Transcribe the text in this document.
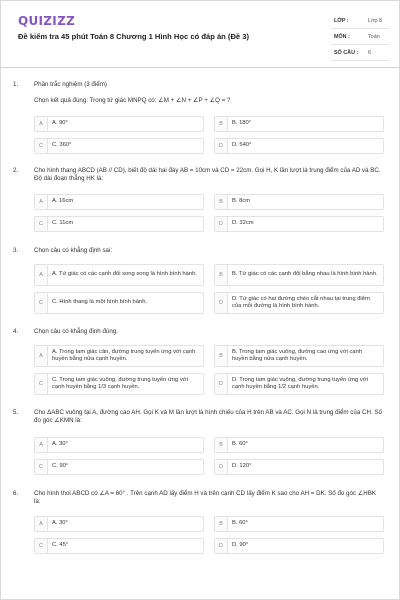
QUIZIZZ
Đề kiểm tra 45 phút Toán 8 Chương 1 Hình Học có đáp án (Đề 3)
LỚP :	Lớp 8
MÔN :	Toán
SỐ CÂU : 6
1.	Phần trắc nghiệm (3 điểm)
Chọn kết quả đúng: Trong tứ giác MNPQ có: ∠M + ∠N + ∠P + ∠Q = ?
A	A. 90°	B	B. 180°
C	C. 360°	D	D. 540°
2.	Cho hình thang ABCD (AB // CD), biết độ dài hai đáy AB = 10cm và CD = 22cm. Gọi H, K lần lượt là trung điểm của AD và BC. Độ dài đoạn thẳng HK là:
A	A. 16cm	B	B. 8cm
C	C. 11cm	D	D. 32cm
3.	Chọn câu có khẳng định sai:
A	A. Tứ giác có các cạnh đối song song là hình bình hành.	B	B. Tứ giác có các cạnh đối bằng nhau là hình bình hành.
C	C. Hình thang là một hình bình hành.	D
D. Tứ giác có hai đường chéo cắt nhau tại trung điểm của mỗi đường là hình bình hành.
4.	Chọn câu có khẳng định đúng.
A
A. Trong tam giác cân, đường trung tuyến ứng với cạnh huyền bằng nửa cạnh huyền.	B
B. Trong tam giác vuông, đường cao ứng với cạnh huyền bằng nửa cạnh huyền.
C
C. Trong tam giác vuông, đường trung tuyến ứng với cạnh huyền bằng 1/3 cạnh huyền.	D
D. Trong tam giác vuông, đường trung tuyến ứng với cạnh huyền bằng 1/2 cạnh huyền.
5.	Cho ΔABC vuông tại A, đường cao AH. Gọi K và M lần lượt là hình chiếu của H trên AB và AC. Gọi N là trung điểm của CH. Số đo góc ∠KMN là:
A	A. 30°	B	B. 60°
C	C. 90°	D	D. 120°
6.	Cho hình thoi ABCD có ∠A = 60° . Trên cạnh AD lấy điểm H và trên cạnh CD lấy điểm K sao cho AH = DK. Số đo góc ∠HBK là:
A	A. 30°	B	B. 60°
C	C. 45°	D	D. 90°
